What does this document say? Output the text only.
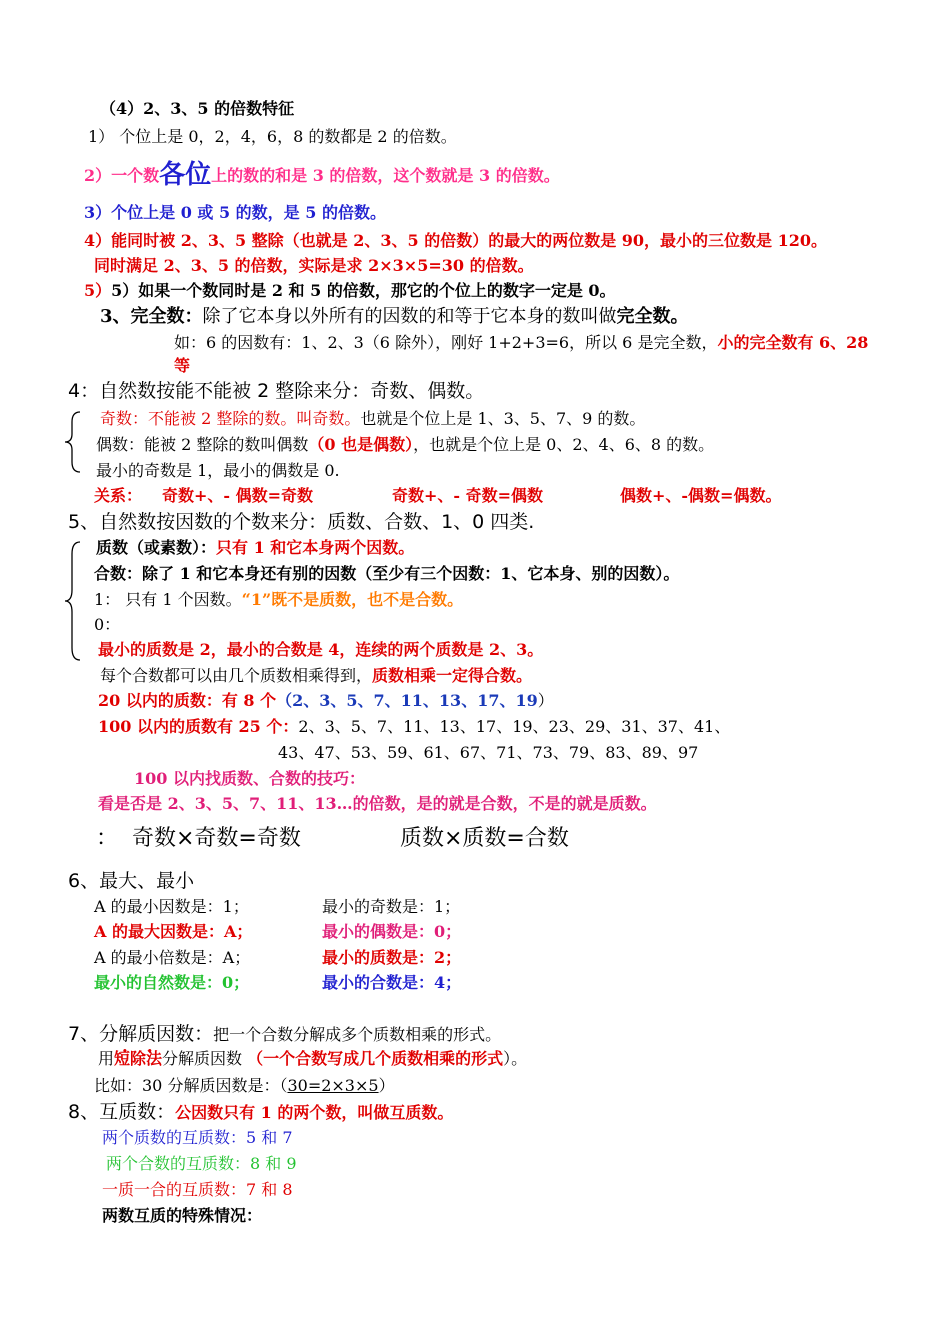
（4）2、3、5 的倍数特征
1） 个位上是 0，2，4，6，8 的数都是 2 的倍数。
2）一个数各位上的数的和是 3 的倍数，这个数就是 3 的倍数。
3）个位上是 0 或 5 的数，是 5 的倍数。
4）能同时被 2、3、5 整除（也就是 2、3、5 的倍数）的最大的两位数是 90，最小的三位数是 120。
同时满足 2、3、5 的倍数，实际是求 2×3×5=30 的倍数。
5）5）如果一个数同时是 2 和 5 的倍数，那它的个位上的数字一定是 0。
3、完全数：除了它本身以外所有的因数的和等于它本身的数叫做完全数。
如：6 的因数有：1、2、3（6 除外），刚好 1+2+3=6，所以 6 是完全数，小的完全数有 6、28
等
4：自然数按能不能被 2 整除来分：奇数、偶数。
奇数：不能被 2 整除的数。叫奇数。也就是个位上是 1、3、5、7、9 的数。
偶数：能被 2 整除的数叫偶数（0 也是偶数），也就是个位上是 0、2、4、6、8 的数。
最小的奇数是 1，最小的偶数是 0.
关系： 奇数+、- 偶数=奇数	奇数+、- 奇数=偶数	偶数+、-偶数=偶数。
5、自然数按因数的个数来分：质数、合数、1、0 四类.
质数（或素数）：只有 1 和它本身两个因数。
合数：除了 1 和它本身还有别的因数（至少有三个因数：1、它本身、别的因数）。
1： 只有 1 个因数。“1”既不是质数，也不是合数。
0：
最小的质数是 2，最小的合数是 4，连续的两个质数是 2、3。
每个合数都可以由几个质数相乘得到，质数相乘一定得合数。
20 以内的质数：有 8 个（2、3、5、7、11、13、17、19）
100 以内的质数有 25 个：2、3、5、7、11、13、17、19、23、29、31、37、41、
43、47、53、59、61、67、71、73、79、83、89、97
100 以内找质数、合数的技巧：
看是否是 2、3、5、7、11、13…的倍数，是的就是合数，不是的就是质数。
： 奇数×奇数=奇数	质数×质数=合数
6、最大、最小
A 的最小因数是：1；	最小的奇数是：1；
A 的最大因数是：A；	最小的偶数是：0；
A 的最小倍数是：A；	最小的质数是：2；
最小的自然数是：0；	最小的合数是：4；
7、分解质因数：把一个合数分解成多个质数相乘的形式。
用短除法 • •分解质因数 （一个合数写成几个质数相乘的形式）。
比如：30 分解质因数是：（30=2×3×5）
8、互质数：公因数只有 1 的两个数，叫做互质数。
两个质数的互质数：5 和 7
两个合数的互质数：8 和 9
一质一合的互质数：7 和 8
两数互质的特殊情况：
